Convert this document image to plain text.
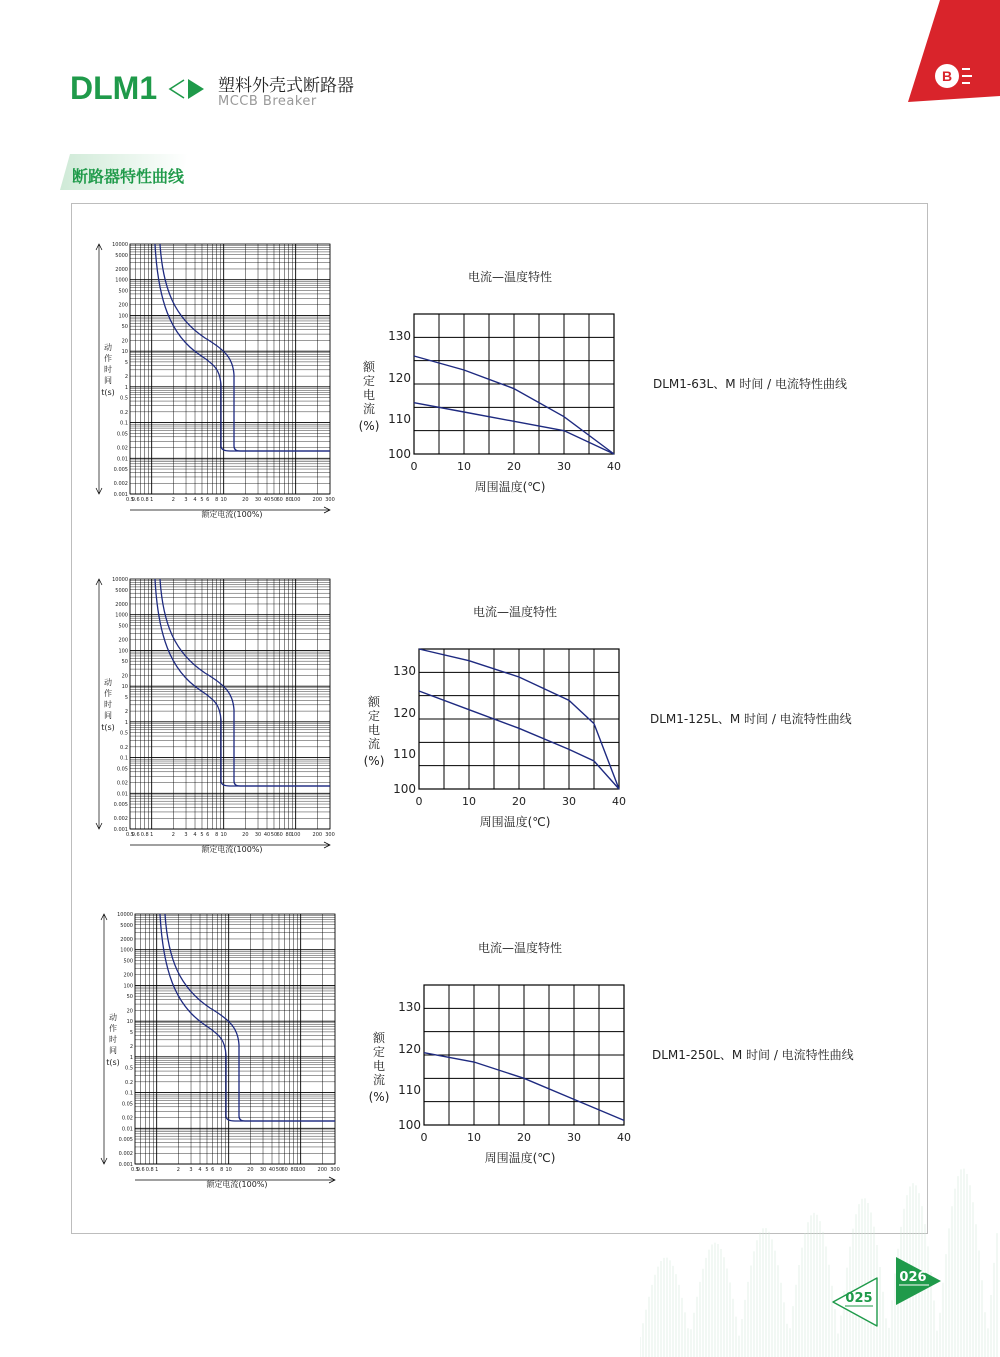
DLM1	塑料外壳式断路器
MCCB Breaker
B
断路器特性曲线
10000
5000
2000
1000
500
200
100
50
20
10
5
2
1
0.5
0.2
0.1
0.05
0.02
0.01
0.005
0.002
0.001
0.5
0.6 0.8 1	2 3 4 5 6 8 10	20 30 40 50 60 80 100 200 300
动
作
时
间
t(s)
额定电流(100%)
0	10	20	30	40
100
110
120
130
电流—温度特性
周围温度(℃)
额
定
电
流
(%)
DLM1-63L、M 时间 / 电流特性曲线
10000
5000
2000
1000
500
200
100
50
20
10
5
2
1
0.5
0.2
0.1
0.05
0.02
0.01
0.005
0.002
0.001
0.5
0.6 0.8 1	2 3 4 5 6 8 10	20 30 40 50 60 80 100 200 300
动
作
时
间
t(s)
额定电流(100%)
0	10	20	30	40
100
110
120
130
电流—温度特性
周围温度(℃)
额
定
电
流
(%)
DLM1-125L、M 时间 / 电流特性曲线
10000
5000
2000
1000
500
200
100
50
20
10
5
2
1
0.5
0.2
0.1
0.05
0.02
0.01
0.005
0.002
0.001
0.5
0.6 0.8 1	2 3 4 5 6 8 10	20 30 40 50 60 80 100 200 300
动
作
时
间
t(s)
额定电流(100%)
0	10	20	30	40
100
110
120
130
电流—温度特性
周围温度(℃)
额
定
电
流
(%)
DLM1-250L、M 时间 / 电流特性曲线
025
026
